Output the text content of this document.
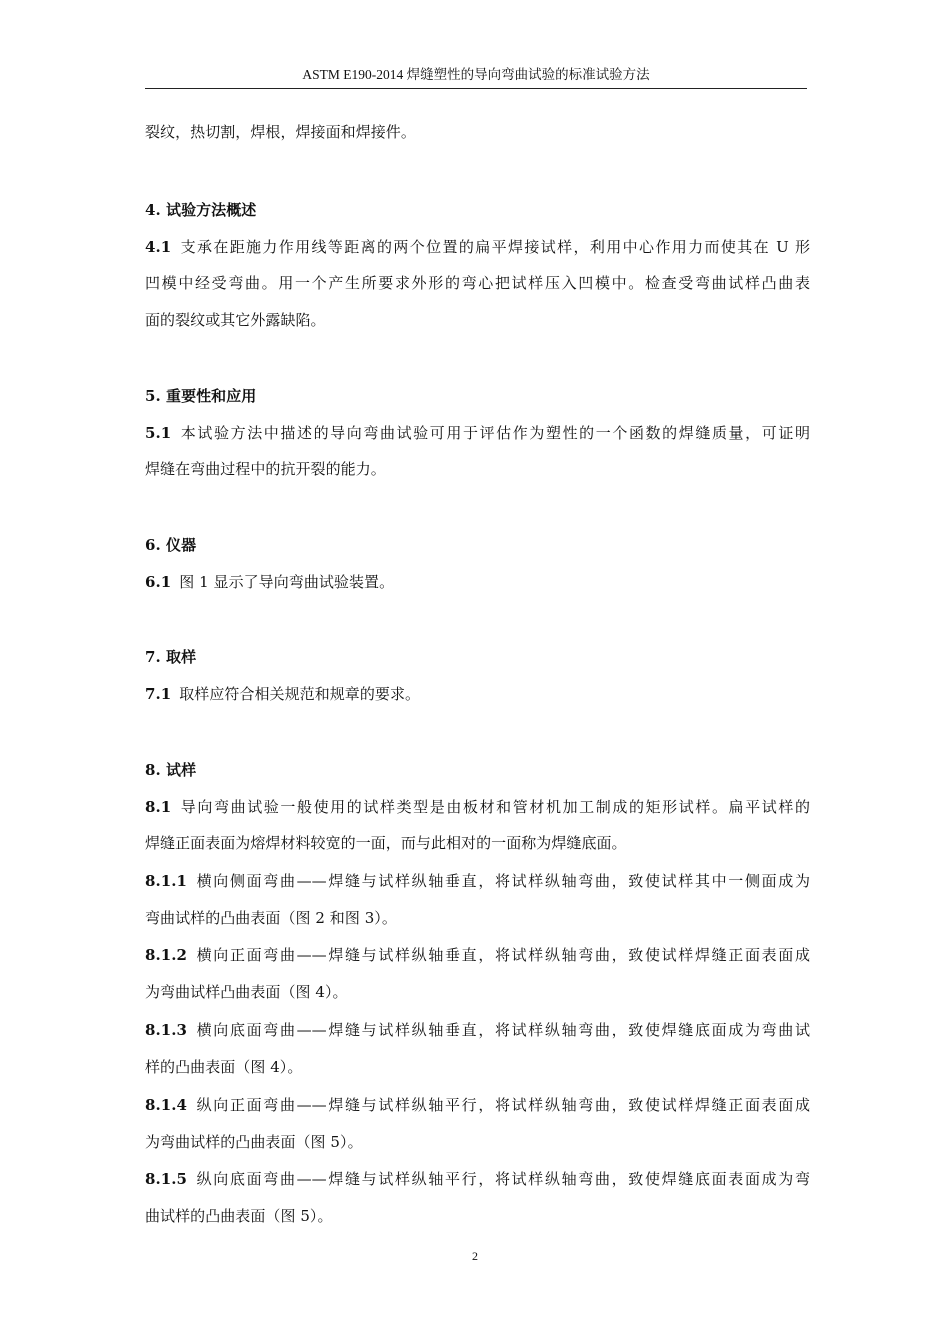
ASTM E190-2014 焊缝塑性的导向弯曲试验的标准试验方法
裂纹，热切割，焊根，焊接面和焊接件。
4. 试验方法概述
4.1 支承在距施力作用线等距离的两个位置的扁平焊接试样，利用中心作用力而使其在 U 形
凹模中经受弯曲。用一个产生所要求外形的弯心把试样压入凹模中。检查受弯曲试样凸曲表
面的裂纹或其它外露缺陷。
5. 重要性和应用
5.1 本试验方法中描述的导向弯曲试验可用于评估作为塑性的一个函数的焊缝质量，可证明
焊缝在弯曲过程中的抗开裂的能力。
6. 仪器
6.1 图 1 显示了导向弯曲试验装置。
7. 取样
7.1 取样应符合相关规范和规章的要求。
8. 试样
8.1 导向弯曲试验一般使用的试样类型是由板材和管材机加工制成的矩形试样。扁平试样的
焊缝正面表面为熔焊材料较宽的一面，而与此相对的一面称为焊缝底面。
8.1.1 横向侧面弯曲——焊缝与试样纵轴垂直，将试样纵轴弯曲，致使试样其中一侧面成为
弯曲试样的凸曲表面（图 2 和图 3）。
8.1.2 横向正面弯曲——焊缝与试样纵轴垂直，将试样纵轴弯曲，致使试样焊缝正面表面成
为弯曲试样凸曲表面（图 4）。
8.1.3 横向底面弯曲——焊缝与试样纵轴垂直，将试样纵轴弯曲，致使焊缝底面成为弯曲试
样的凸曲表面（图 4）。
8.1.4 纵向正面弯曲——焊缝与试样纵轴平行，将试样纵轴弯曲，致使试样焊缝正面表面成
为弯曲试样的凸曲表面（图 5）。
8.1.5 纵向底面弯曲——焊缝与试样纵轴平行，将试样纵轴弯曲，致使焊缝底面表面成为弯
曲试样的凸曲表面（图 5）。
2
